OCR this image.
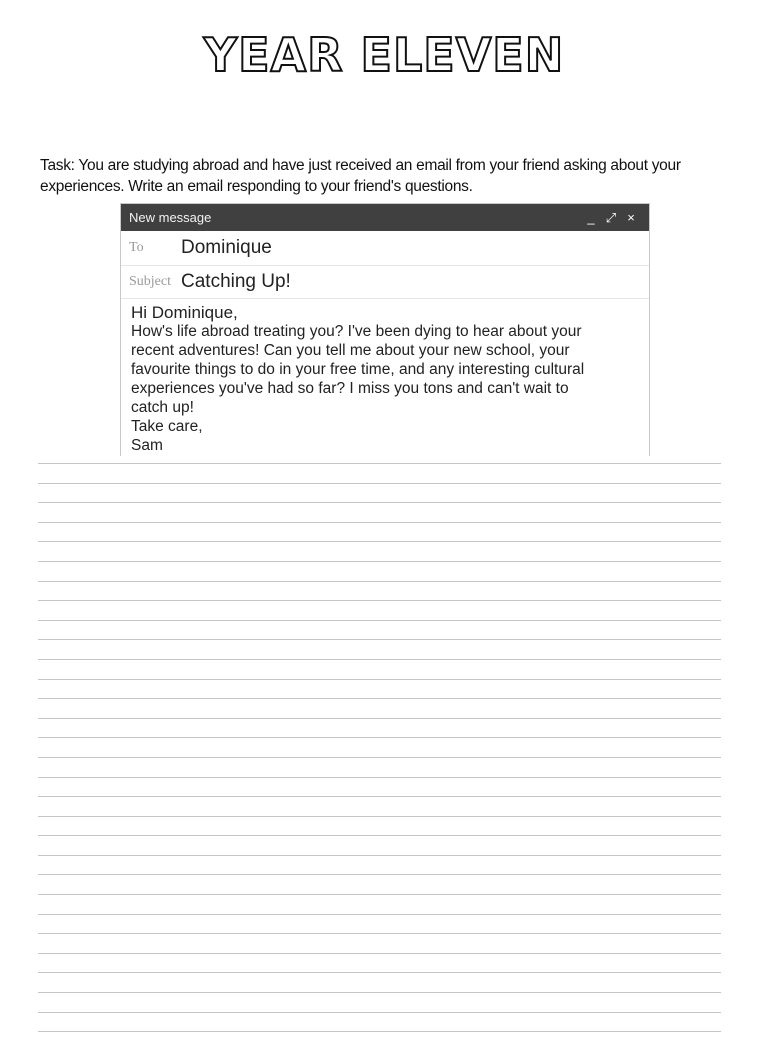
YEAR ELEVEN
Task: You are studying abroad and have just received an email from your friend asking about your
experiences. Write an email responding to your friend's questions.
New message	_ ⤢ ×
To	Dominique
Subject Catching Up!
Hi Dominique,
How's life abroad treating you? I've been dying to hear about your
recent adventures! Can you tell me about your new school, your
favourite things to do in your free time, and any interesting cultural
experiences you've had so far? I miss you tons and can't wait to
catch up!
Take care,
Sam
